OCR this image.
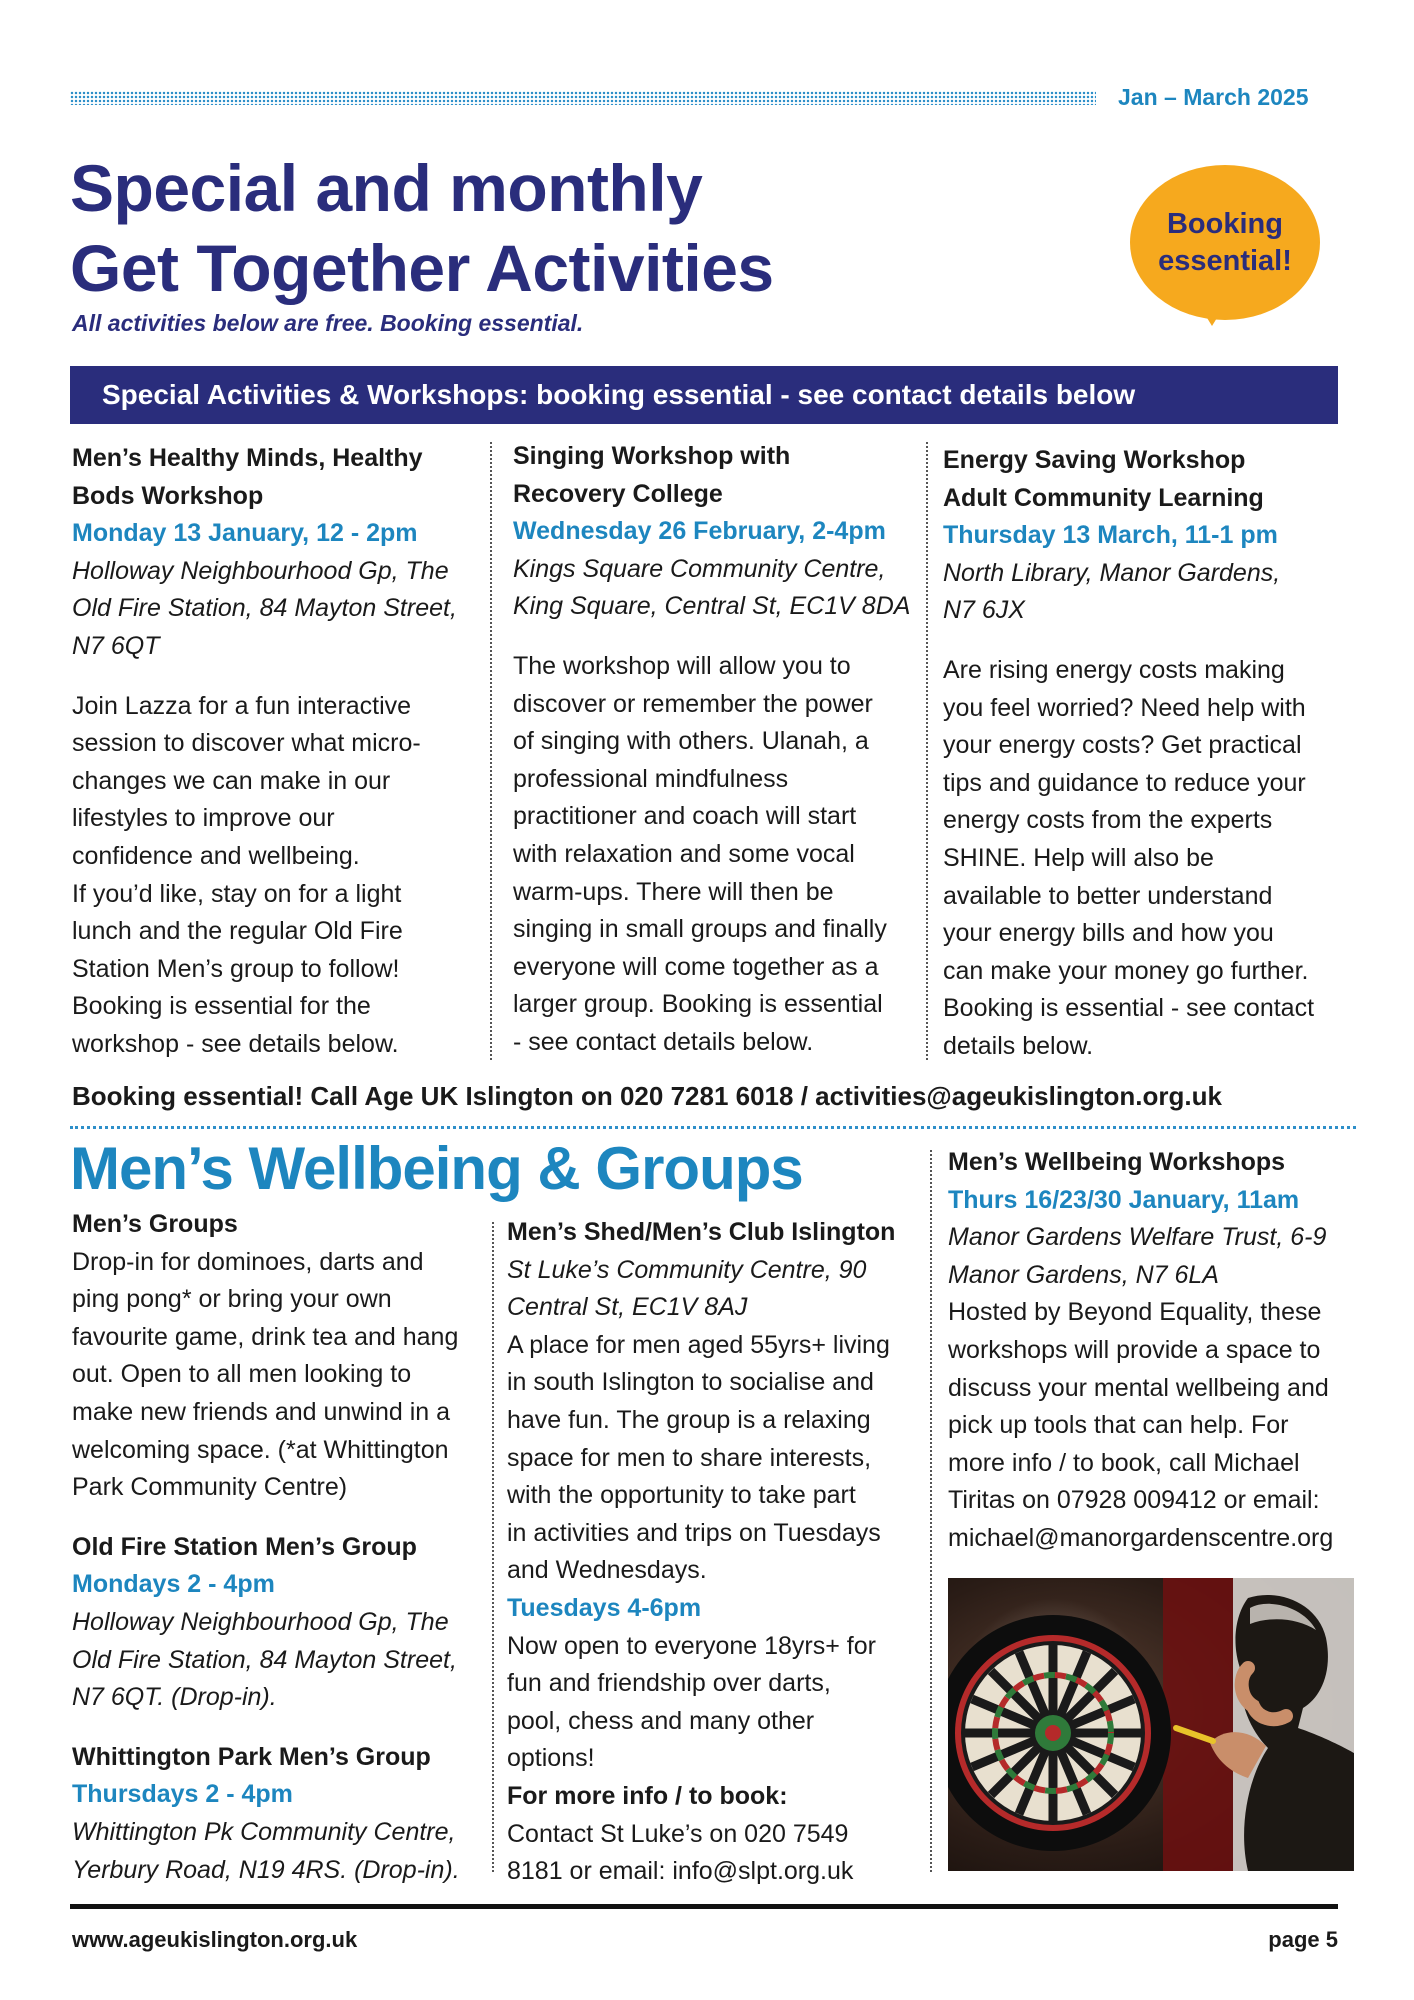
Jan – March 2025
Special and monthly
Get Together Activities
All activities below are free. Booking essential.
Booking
essential!
Special Activities & Workshops: booking essential - see contact details below

Men’s Healthy Minds, Healthy

Bods Workshop

Monday 13 January, 12 - 2pm

Holloway Neighbourhood Gp, The

Old Fire Station, 84 Mayton Street,

N7 6QT

Join Lazza for a fun interactive

session to discover what micro-

changes we can make in our

lifestyles to improve our

confidence and wellbeing.

If you’d like, stay on for a light

lunch and the regular Old Fire

Station Men’s group to follow!

Booking is essential for the

workshop - see details below.

Singing Workshop with

Recovery College

Wednesday 26 February, 2-4pm

Kings Square Community Centre,

King Square, Central St, EC1V 8DA

The workshop will allow you to

discover or remember the power

of singing with others. Ulanah, a

professional mindfulness

practitioner and coach will start

with relaxation and some vocal

warm-ups. There will then be

singing in small groups and finally

everyone will come together as a

larger group. Booking is essential

- see contact details below.

Energy Saving Workshop

Adult Community Learning

Thursday 13 March, 11-1 pm

North Library, Manor Gardens,

N7 6JX

Are rising energy costs making

you feel worried? Need help with

your energy costs? Get practical

tips and guidance to reduce your

energy costs from the experts

SHINE. Help will also be

available to better understand

your energy bills and how you

can make your money go further.

Booking is essential - see contact

details below.

Booking essential! Call Age UK Islington on 020 7281 6018 / activities@ageukislington.org.uk
Men’s Wellbeing & Groups

Men’s Groups

Drop-in for dominoes, darts and

ping pong* or bring your own

favourite game, drink tea and hang

out. Open to all men looking to

make new friends and unwind in a

welcoming space. (*at Whittington

Park Community Centre)

Old Fire Station Men’s Group

Mondays 2 - 4pm

Holloway Neighbourhood Gp, The

Old Fire Station, 84 Mayton Street,

N7 6QT. (Drop-in).

Whittington Park Men’s Group

Thursdays 2 - 4pm

Whittington Pk Community Centre,

Yerbury Road, N19 4RS. (Drop-in).

Men’s Shed/Men’s Club Islington

St Luke’s Community Centre, 90

Central St, EC1V 8AJ

A place for men aged 55yrs+ living

in south Islington to socialise and

have fun. The group is a relaxing

space for men to share interests,

with the opportunity to take part

in activities and trips on Tuesdays

and Wednesdays.

Tuesdays 4-6pm

Now open to everyone 18yrs+ for

fun and friendship over darts,

pool, chess and many other

options!

For more info / to book:

Contact St Luke’s on 020 7549

8181 or email: info@slpt.org.uk

Men’s Wellbeing Workshops

Thurs 16/23/30 January, 11am

Manor Gardens Welfare Trust, 6-9

Manor Gardens, N7 6LA

Hosted by Beyond Equality, these

workshops will provide a space to

discuss your mental wellbeing and

pick up tools that can help. For

more info / to book, call Michael

Tiritas on 07928 009412 or email:

michael@manorgardenscentre.org

www.ageukislington.org.uk	page 5
